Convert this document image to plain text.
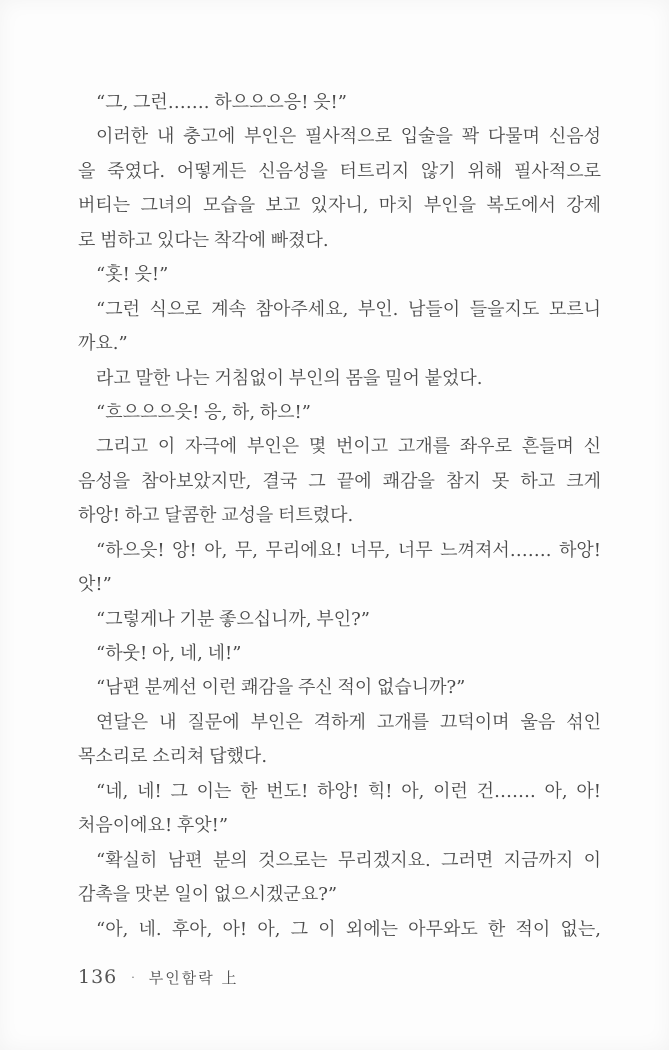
“그, 그런……. 하으으으응! 읏!”
이러한 내 충고에 부인은 필사적으로 입술을 꽉 다물며 신음성
을 죽였다. 어떻게든 신음성을 터트리지 않기 위해 필사적으로
버티는 그녀의 모습을 보고 있자니, 마치 부인을 복도에서 강제
로 범하고 있다는 착각에 빠졌다.
“홋! 읏!”
“그런 식으로 계속 참아주세요, 부인. 남들이 들을지도 모르니
까요.”
라고 말한 나는 거침없이 부인의 몸을 밀어 붙었다.
“흐으으으읏! 응, 하, 하으!”
그리고 이 자극에 부인은 몇 번이고 고개를 좌우로 흔들며 신
음성을 참아보았지만, 결국 그 끝에 쾌감을 참지 못 하고 크게
하앙! 하고 달콤한 교성을 터트렸다.
“하으읏! 앙! 아, 무, 무리에요! 너무, 너무 느껴져서……. 하앙!
앗!”
“그렇게나 기분 좋으십니까, 부인?”
“하웃! 아, 네, 네!”
“남편 분께선 이런 쾌감을 주신 적이 없습니까?”
연달은 내 질문에 부인은 격하게 고개를 끄덕이며 울음 섞인
목소리로 소리쳐 답했다.
“네, 네! 그 이는 한 번도! 하앙! 힉! 아, 이런 건……. 아, 아!
처음이에요! 후앗!”
“확실히 남편 분의 것으로는 무리겠지요. 그러면 지금까지 이
감촉을 맛본 일이 없으시겠군요?”
“아, 네. 후아, 아! 아, 그 이 외에는 아무와도 한 적이 없는,
136 · 부인함락 上
